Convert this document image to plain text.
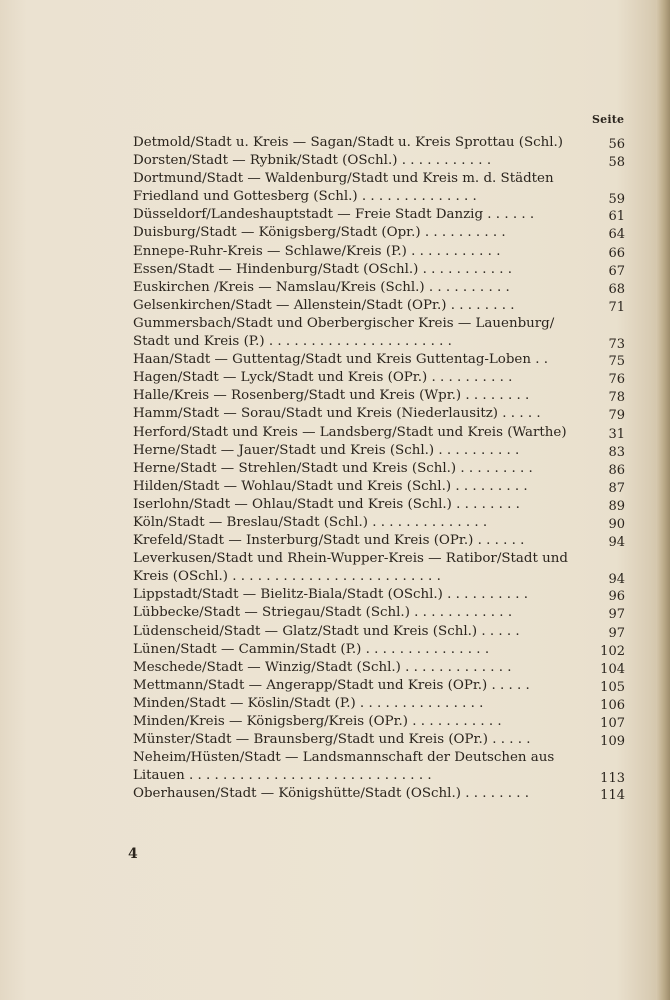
Seite
Detmold/Stadt u. Kreis — Sagan/Stadt u. Kreis Sprottau (Schl.)	56
Dorsten/Stadt — Rybnik/Stadt (OSchl.) . . . . . . . . . . .	58
Dortmund/Stadt — Waldenburg/Stadt und Kreis m. d. Städten
Friedland und Gottesberg (Schl.) . . . . . . . . . . . . . .	59
Düsseldorf/Landeshauptstadt — Freie Stadt Danzig . . . . . .	61
Duisburg/Stadt — Königsberg/Stadt (Opr.) . . . . . . . . . .	64
Ennepe-Ruhr-Kreis — Schlawe/Kreis (P.) . . . . . . . . . . .	66
Essen/Stadt — Hindenburg/Stadt (OSchl.) . . . . . . . . . . .	67
Euskirchen /Kreis — Namslau/Kreis (Schl.) . . . . . . . . . .	68
Gelsenkirchen/Stadt — Allenstein/Stadt (OPr.) . . . . . . . .	71
Gummersbach/Stadt und Oberbergischer Kreis — Lauenburg/
Stadt und Kreis (P.) . . . . . . . . . . . . . . . . . . . . . .	73
Haan/Stadt — Guttentag/Stadt und Kreis Guttentag-Loben . .	75
Hagen/Stadt — Lyck/Stadt und Kreis (OPr.) . . . . . . . . . .	76
Halle/Kreis — Rosenberg/Stadt und Kreis (Wpr.) . . . . . . . .	78
Hamm/Stadt — Sorau/Stadt und Kreis (Niederlausitz) . . . . .	79
Herford/Stadt und Kreis — Landsberg/Stadt und Kreis (Warthe)	31
Herne/Stadt — Jauer/Stadt und Kreis (Schl.) . . . . . . . . . .	83
Herne/Stadt — Strehlen/Stadt und Kreis (Schl.) . . . . . . . . .	86
Hilden/Stadt — Wohlau/Stadt und Kreis (Schl.) . . . . . . . . .	87
Iserlohn/Stadt — Ohlau/Stadt und Kreis (Schl.) . . . . . . . .	89
Köln/Stadt — Breslau/Stadt (Schl.) . . . . . . . . . . . . . .	90
Krefeld/Stadt — Insterburg/Stadt und Kreis (OPr.) . . . . . .	94
Leverkusen/Stadt und Rhein-Wupper-Kreis — Ratibor/Stadt und
Kreis (OSchl.) . . . . . . . . . . . . . . . . . . . . . . . . .	94
Lippstadt/Stadt — Bielitz-Biala/Stadt (OSchl.) . . . . . . . . . .	96
Lübbecke/Stadt — Striegau/Stadt (Schl.) . . . . . . . . . . . .	97
Lüdenscheid/Stadt — Glatz/Stadt und Kreis (Schl.) . . . . .	97
Lünen/Stadt — Cammin/Stadt (P.) . . . . . . . . . . . . . . .	102
Meschede/Stadt — Winzig/Stadt (Schl.) . . . . . . . . . . . . .	104
Mettmann/Stadt — Angerapp/Stadt und Kreis (OPr.) . . . . .	105
Minden/Stadt — Köslin/Stadt (P.) . . . . . . . . . . . . . . .	106
Minden/Kreis — Königsberg/Kreis (OPr.) . . . . . . . . . . .	107
Münster/Stadt — Braunsberg/Stadt und Kreis (OPr.) . . . . .	109
Neheim/Hüsten/Stadt — Landsmannschaft der Deutschen aus
Litauen . . . . . . . . . . . . . . . . . . . . . . . . . . . . .	113
Oberhausen/Stadt — Königshütte/Stadt (OSchl.) . . . . . . . .	114
4
